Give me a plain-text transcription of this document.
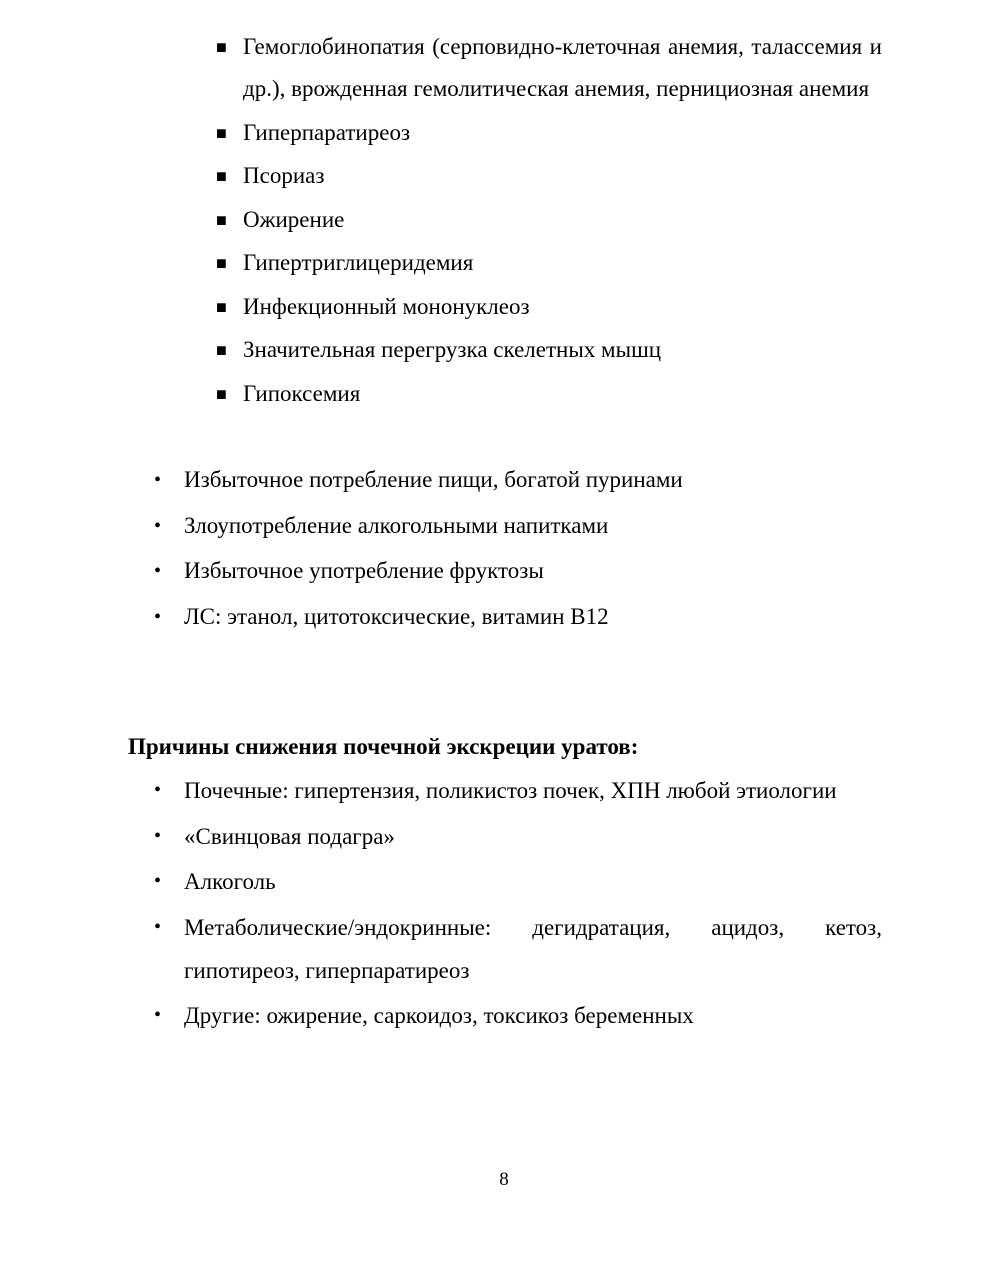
■ Гемоглобинопатия (серповидно-клеточная анемия, талассемия и др.), врожденная гемолитическая анемия, пернициозная анемия
■ Гиперпаратиреоз
■ Псориаз
■ Ожирение
■ Гипертриглицеридемия
■ Инфекционный мононуклеоз
■ Значительная перегрузка скелетных мышц
■ Гипоксемия
• Избыточное потребление пищи, богатой пуринами
• Злоупотребление алкогольными напитками
• Избыточное употребление фруктозы
• ЛС: этанол, цитотоксические, витамин В12
Причины снижения почечной экскреции уратов:
• Почечные: гипертензия, поликистоз почек, ХПН любой этиологии
• «Свинцовая подагра»
• Алкоголь
• Метаболические/эндокринные: дегидратация, ацидоз, кетоз, гипотиреоз, гиперпаратиреоз
• Другие: ожирение, саркоидоз, токсикоз беременных
8
